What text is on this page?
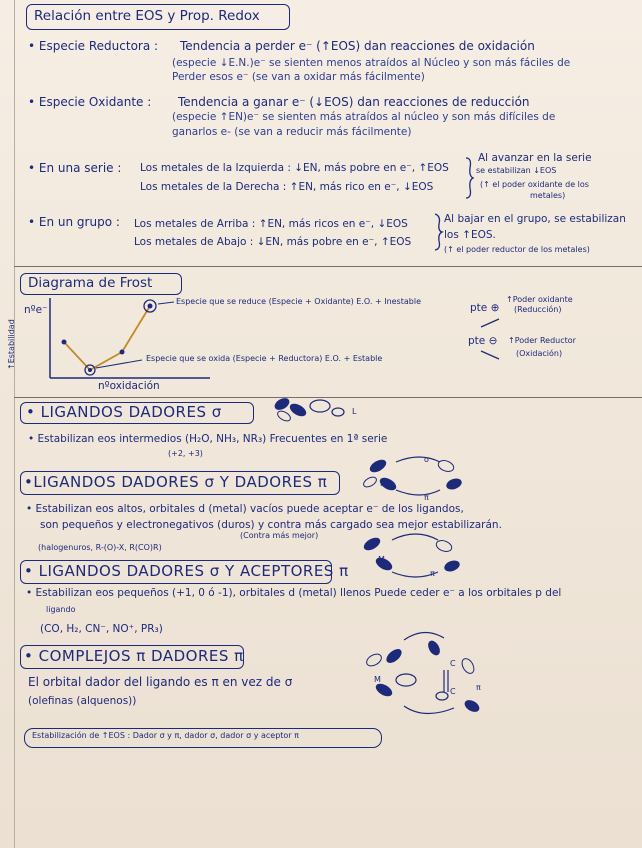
Relación entre EOS y Prop. Redox
• Especie Reductora : Tendencia a perder e⁻ (↑EOS) dan reacciones de oxidación
(especie ↓E.N.)e⁻ se sienten menos atraídos al Núcleo y son más fáciles de
Perder esos e⁻ (se van a oxidar más fácilmente)
• Especie Oxidante : Tendencia a ganar e⁻ (↓EOS) dan reacciones de reducción
(especie ↑EN)e⁻ se sienten más atraídos al núcleo y son más difíciles de
ganarlos e- (se van a reducir más fácilmente)
• En una serie : Los metales de la Izquierda : ↓EN, más pobre en e⁻, ↑EOS
Los metales de la Derecha : ↑EN, más rico en e⁻, ↓EOS
Al avanzar en la serie
se estabilizan ↓EOS
(↑ el poder oxidante de los
metales)
• En un grupo : Los metales de Arriba : ↑EN, más ricos en e⁻, ↓EOS
Los metales de Abajo : ↓EN, más pobre en e⁻, ↑EOS
Al bajar en el grupo, se estabilizan
los ↑EOS.
(↑ el poder reductor de los metales)
Diagrama de Frost
nºe⁻
↑Estabilidad
Especie que se reduce (Especie + Oxidante) E.O. + Inestable
Especie que se oxida (Especie + Reductora) E.O. + Estable
nºoxidación
pte ⊕
↑Poder oxidante
(Reducción)
pte ⊖ ↑Poder Reductor
(Oxidación)
• LIGANDOS DADORES σ	L
• Estabilizan eos intermedios (H₂O, NH₃, NR₃) Frecuentes en 1ª serie
(+2, +3)
•LIGANDOS DADORES σ Y DADORES π	M
σ
π
• Estabilizan eos altos, orbitales d (metal) vacíos puede aceptar e⁻ de los ligandos,
son pequeños y electronegativos (duros) y contra más cargado sea mejor estabilizarán.
(Contra más mejor)
(halogenuros, R-(O)-X, R(CO)R)
• LIGANDOS DADORES σ Y ACEPTORES π
M
π
• Estabilizan eos pequeños (+1, 0 ó -1), orbitales d (metal) llenos Puede ceder e⁻ a los orbitales p del
ligando
(CO, H₂, CN⁻, NO⁺, PR₃)
• COMPLEJOS π DADORES π
El orbital dador del ligando es π en vez de σ
(olefinas (alquenos))
M
C
C	π
Estabilización de ↑EOS : Dador σ y π, dador σ, dador σ y aceptor π
